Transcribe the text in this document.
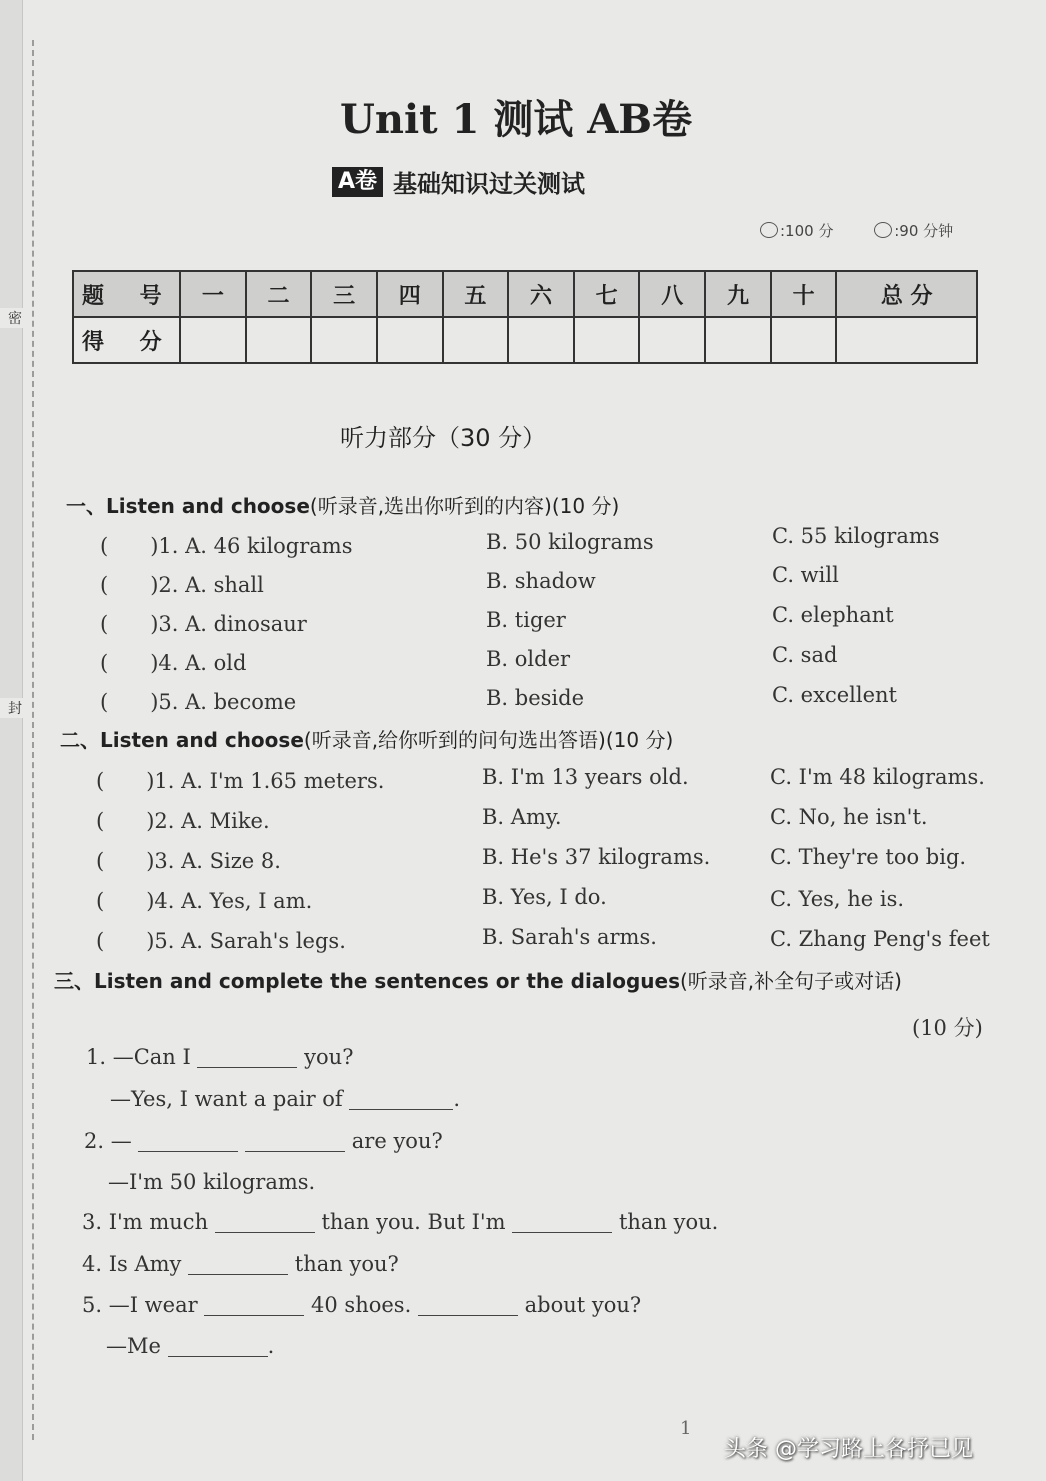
密
封
Unit 1 测试 AB卷
A卷 基础知识过关测试
:100 分	:90 分钟
题 号	一	二	三	四	五	六	七	八	九	十	总 分
得 分											
听力部分（30 分）
一、Listen and choose(听录音,选出你听到的内容)(10 分)
(　　)1. A. 46 kilograms	B. 50 kilograms	C. 55 kilograms
(　　)2. A. shall	B. shadow	C. will
(　　)3. A. dinosaur	B. tiger	C. elephant
(　　)4. A. old	B. older	C. sad
(　　)5. A. become	B. beside	C. excellent
二、Listen and choose(听录音,给你听到的问句选出答语)(10 分)
(　　)1. A. I'm 1.65 meters.	B. I'm 13 years old.	C. I'm 48 kilograms.
(　　)2. A. Mike.	B. Amy.	C. No, he isn't.
(　　)3. A. Size 8.	B. He's 37 kilograms.	C. They're too big.
(　　)4. A. Yes, I am.	B. Yes, I do.	C. Yes, he is.
(　　)5. A. Sarah's legs.	B. Sarah's arms.	C. Zhang Peng's feet
三、Listen and complete the sentences or the dialogues(听录音,补全句子或对话)
(10 分)
1. —Can I	you?
—Yes, I want a pair of	.
2. —	are you?
—I'm 50 kilograms.
3. I'm much	than you. But I'm	than you.
4. Is Amy	than you?
5. —I wear	40 shoes.	about you?
—Me	.
1
头条 @学习路上各抒己见
